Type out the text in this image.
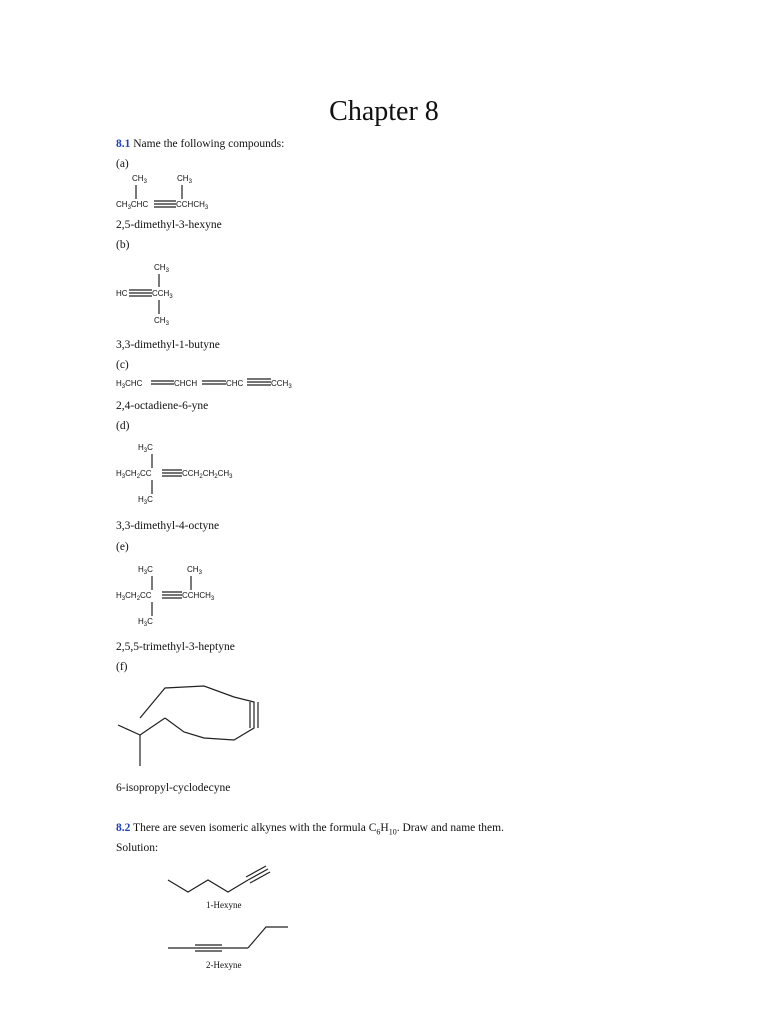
Chapter 8
8.1 Name the following compounds:
(a)
$CH_3$	$CH_3$
$CH_3CHC$	$CCHCH_3$
2,5-dimethyl-3-hexyne
(b)
$CH_3$
HC	$CCH_3$
$CH_3$
3,3-dimethyl-1-butyne
(c)
$H_3CHC$	CHCH	CHC	$CCH_3$
2,4-octadiene-6-yne
(d)
$H_3C$
$H_3CH_2CC$	$CCH_2CH_2CH_3$
$H_3C$
3,3-dimethyl-4-octyne
(e)
$H_3C$	$CH_3$
$H_3CH_2CC$	$CCHCH_3$
$H_3C$
2,5,5-trimethyl-3-heptyne
(f)
6-isopropyl-cyclodecyne
8.2 There are seven isomeric alkynes with the formula $C_6H_{10}$. Draw and name them.
Solution:
1-Hexyne
2-Hexyne
